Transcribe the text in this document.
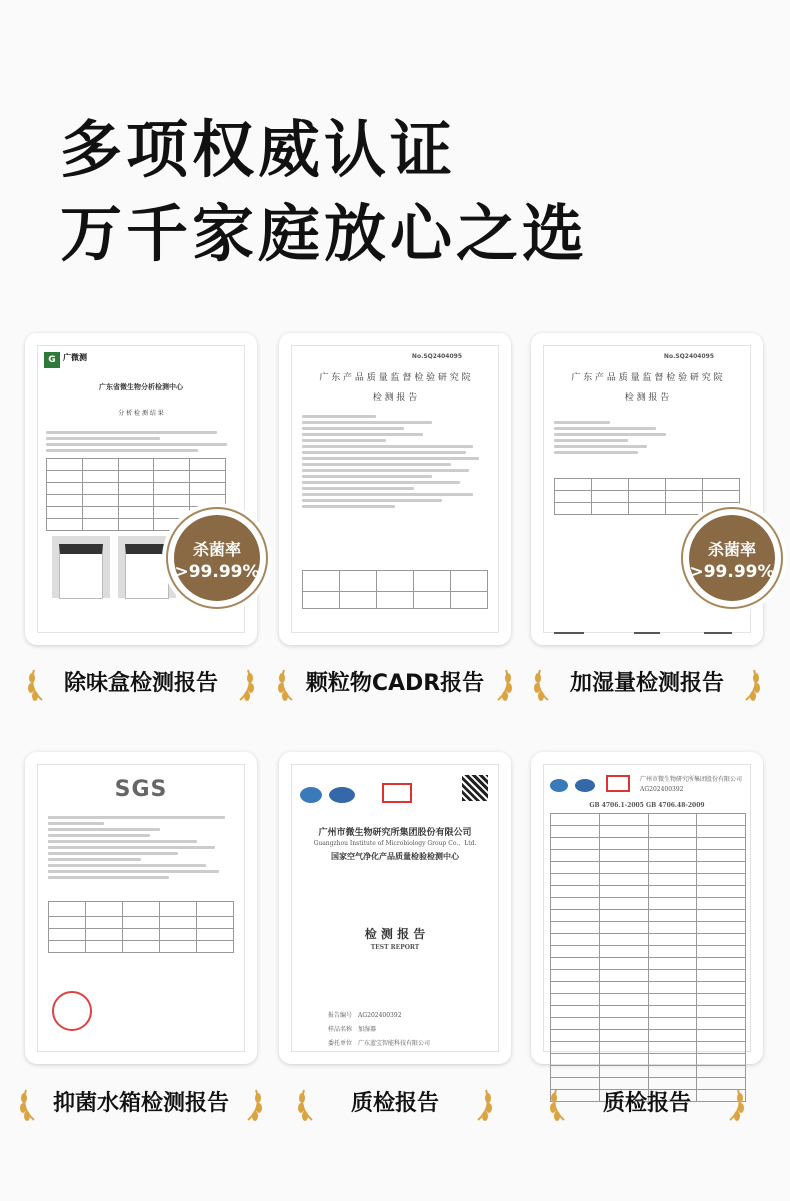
多项权威认证
万千家庭放心之选
G 广微测
广东省微生物分析检测中心
分 析 检 测 结 果

杀菌率
>99.99%
No.SQ2404095
广 东 产 品 质 量 监 督 检 验 研 究 院
检 测 报 告

No.SQ2404095
广 东 产 品 质 量 监 督 检 验 研 究 院
检 测 报 告

杀菌率
>99.99%
除味盒检测报告	颗粒物CADR报告	加湿量检测报告
SGS

广州市微生物研究所集团股份有限公司
Guangzhou Institute of Microbiology Group Co.，Ltd.
国家空气净化产品质量检验检测中心
检 测 报 告
TEST REPORT
报告编号　 AG202400392
样品名称　 加湿器
委托单位　 广东蓝宝智能科技有限公司

广州市微生物研究所集团股份有限公司
AG202400392
GB 4706.1-2005 GB 4706.48-2009

抑菌水箱检测报告	质检报告	质检报告
